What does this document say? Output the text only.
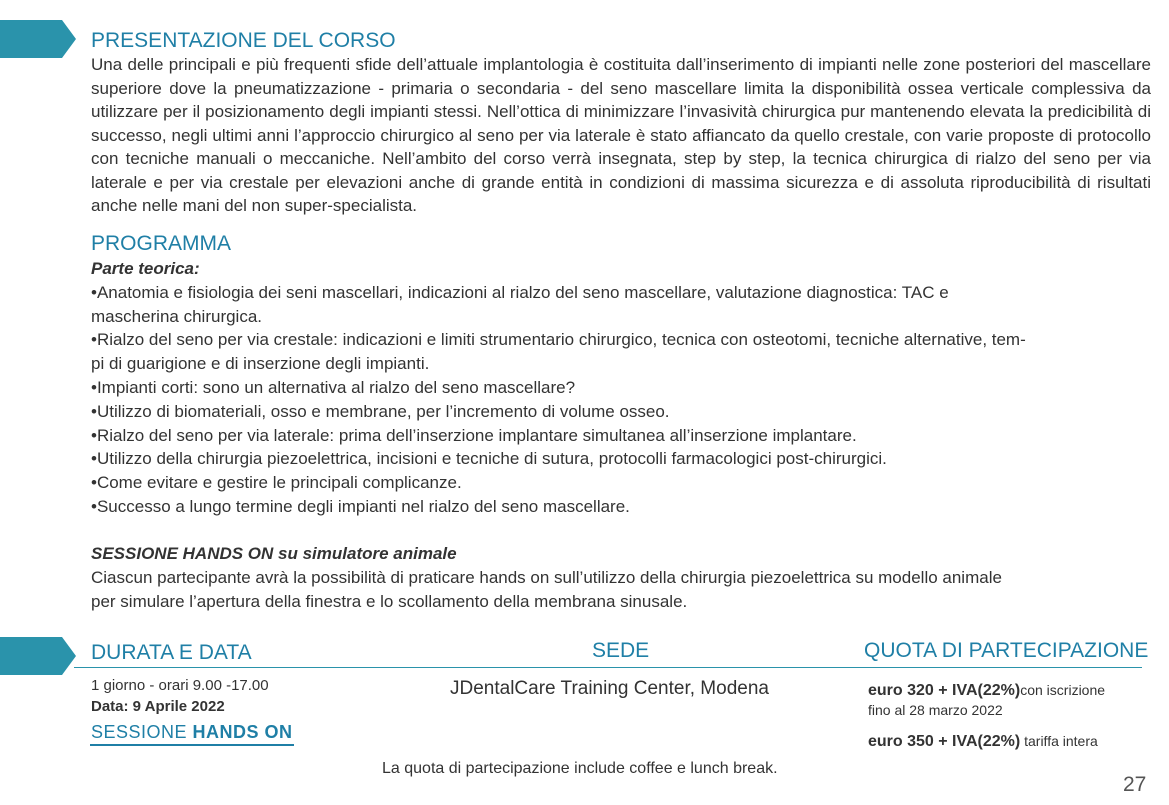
PRESENTAZIONE DEL CORSO

Una delle principali e più frequenti sfide dell’attuale implantologia è costituita dall’inserimento di impianti nelle zone posteriori del mascellare superiore dove la pneumatizzazione - primaria o secondaria - del seno mascellare limita la disponibilità ossea verticale complessiva da utilizzare per il posizionamento degli impianti stessi. Nell’ottica di minimizzare l’invasività chirurgica pur mantenendo elevata la predicibilità di successo, negli ultimi anni l’approccio chirurgico al seno per via laterale è stato affiancato da quello crestale, con varie proposte di protocollo con tecniche manuali o meccaniche. Nell’ambito del corso verrà insegnata, step by step, la tecnica chirurgica di rialzo del seno per via laterale e per via crestale per elevazioni anche di grande entità in condizioni di massima sicurezza e di assoluta riproducibilità di risultati anche nelle mani del non super-specialista.

PROGRAMMA
Parte teorica:
•Anatomia e fisiologia dei seni mascellari, indicazioni al rialzo del seno mascellare, valutazione diagnostica: TAC e
mascherina chirurgica.
•Rialzo del seno per via crestale: indicazioni e limiti strumentario chirurgico, tecnica con osteotomi, tecniche alternative, tem-
pi di guarigione e di inserzione degli impianti.
•Impianti corti: sono un alternativa al rialzo del seno mascellare?
•Utilizzo di biomateriali, osso e membrane, per l’incremento di volume osseo.
•Rialzo del seno per via laterale: prima dell’inserzione implantare simultanea all’inserzione implantare.
•Utilizzo della chirurgia piezoelettrica, incisioni e tecniche di sutura, protocolli farmacologici post-chirurgici.
•Come evitare e gestire le principali complicanze.
•Successo a lungo termine degli impianti nel rialzo del seno mascellare.
SESSIONE HANDS ON su simulatore animale
Ciascun partecipante avrà la possibilità di praticare hands on sull’utilizzo della chirurgia piezoelettrica su modello animale
per simulare l’apertura della finestra e lo scollamento della membrana sinusale.
DURATA E DATA	SEDE	QUOTA DI PARTECIPAZIONE
1 giorno - orari 9.00 -17.00
Data: 9 Aprile 2022
SESSIONE HANDS ON
JDentalCare Training Center, Modena	euro 320 + IVA(22%)con iscrizione
fino al 28 marzo 2022
euro 350 + IVA(22%) tariffa intera
La quota di partecipazione include coffee e lunch break.
27
